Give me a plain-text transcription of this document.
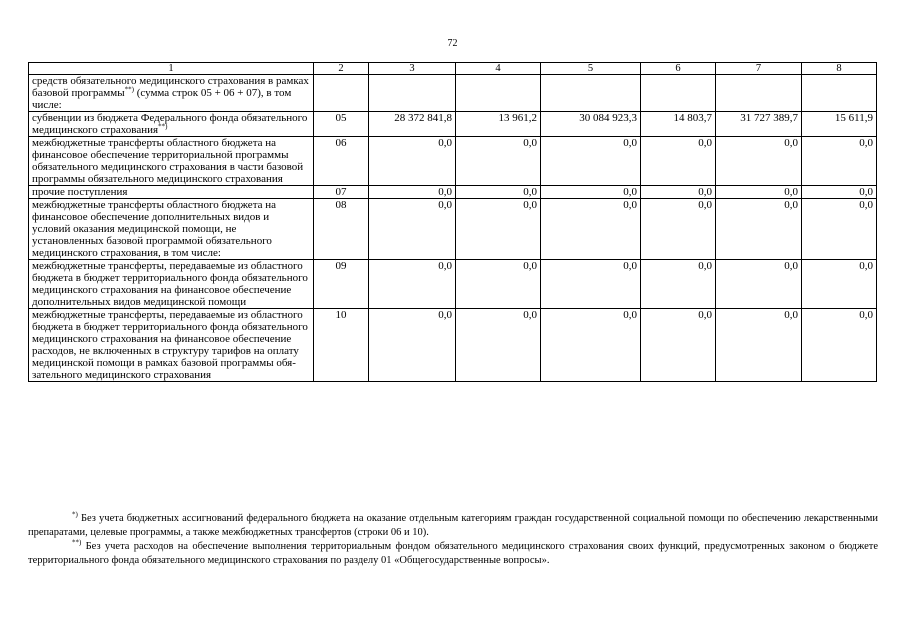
72
1	2	3	4	5	6	7	8
средств обязательного медицинского страхования в рамках базовой программы**) (сумма строк 05 + 06 + 07), в том числе:							
субвенции из бюджета Федерального фонда обязательного медицинского страхования**)	05	28 372 841,8	13 961,2	30 084 923,3	14 803,7	31 727 389,7	15 611,9
межбюджетные трансферты областного бюджета на финансовое обеспечение территориальной программы обязательного медицинского страхования в части базовой программы обязательного медицинского страхования	06	0,0	0,0	0,0	0,0	0,0	0,0
прочие поступления	07	0,0	0,0	0,0	0,0	0,0	0,0
межбюджетные трансферты областного бюджета на финансовое обеспечение дополнительных видов и условий оказания медицинской помощи, не установленных базовой программой обязательного медицинского страхования, в том числе:	08	0,0	0,0	0,0	0,0	0,0	0,0
межбюджетные трансферты, передаваемые из областного бюджета в бюджет территориального фонда обязательного медицинского страхования на финансовое обеспечение дополнительных видов медицинской помощи	09	0,0	0,0	0,0	0,0	0,0	0,0
межбюджетные трансферты, передаваемые из областного бюджета в бюджет территориального фонда обязательного медицинского страхования на финансовое обеспечение расходов, не включенных в структуру тарифов на оплату медицинской помощи в рамках базовой программы обязательного медицинского страхования	10	0,0	0,0	0,0	0,0	0,0	0,0

*) Без учета бюджетных ассигнований федерального бюджета на оказание отдельным категориям граждан государственной социальной помощи по обеспечению лекарственными препаратами, целевые программы, а также межбюджетных трансфертов (строки 06 и 10).

**) Без учета расходов на обеспечение выполнения территориальным фондом обязательного медицинского страхования своих функций, предусмотренных законом о бюджете территориального фонда обязательного медицинского страхования по разделу 01 «Общегосударственные вопросы».
